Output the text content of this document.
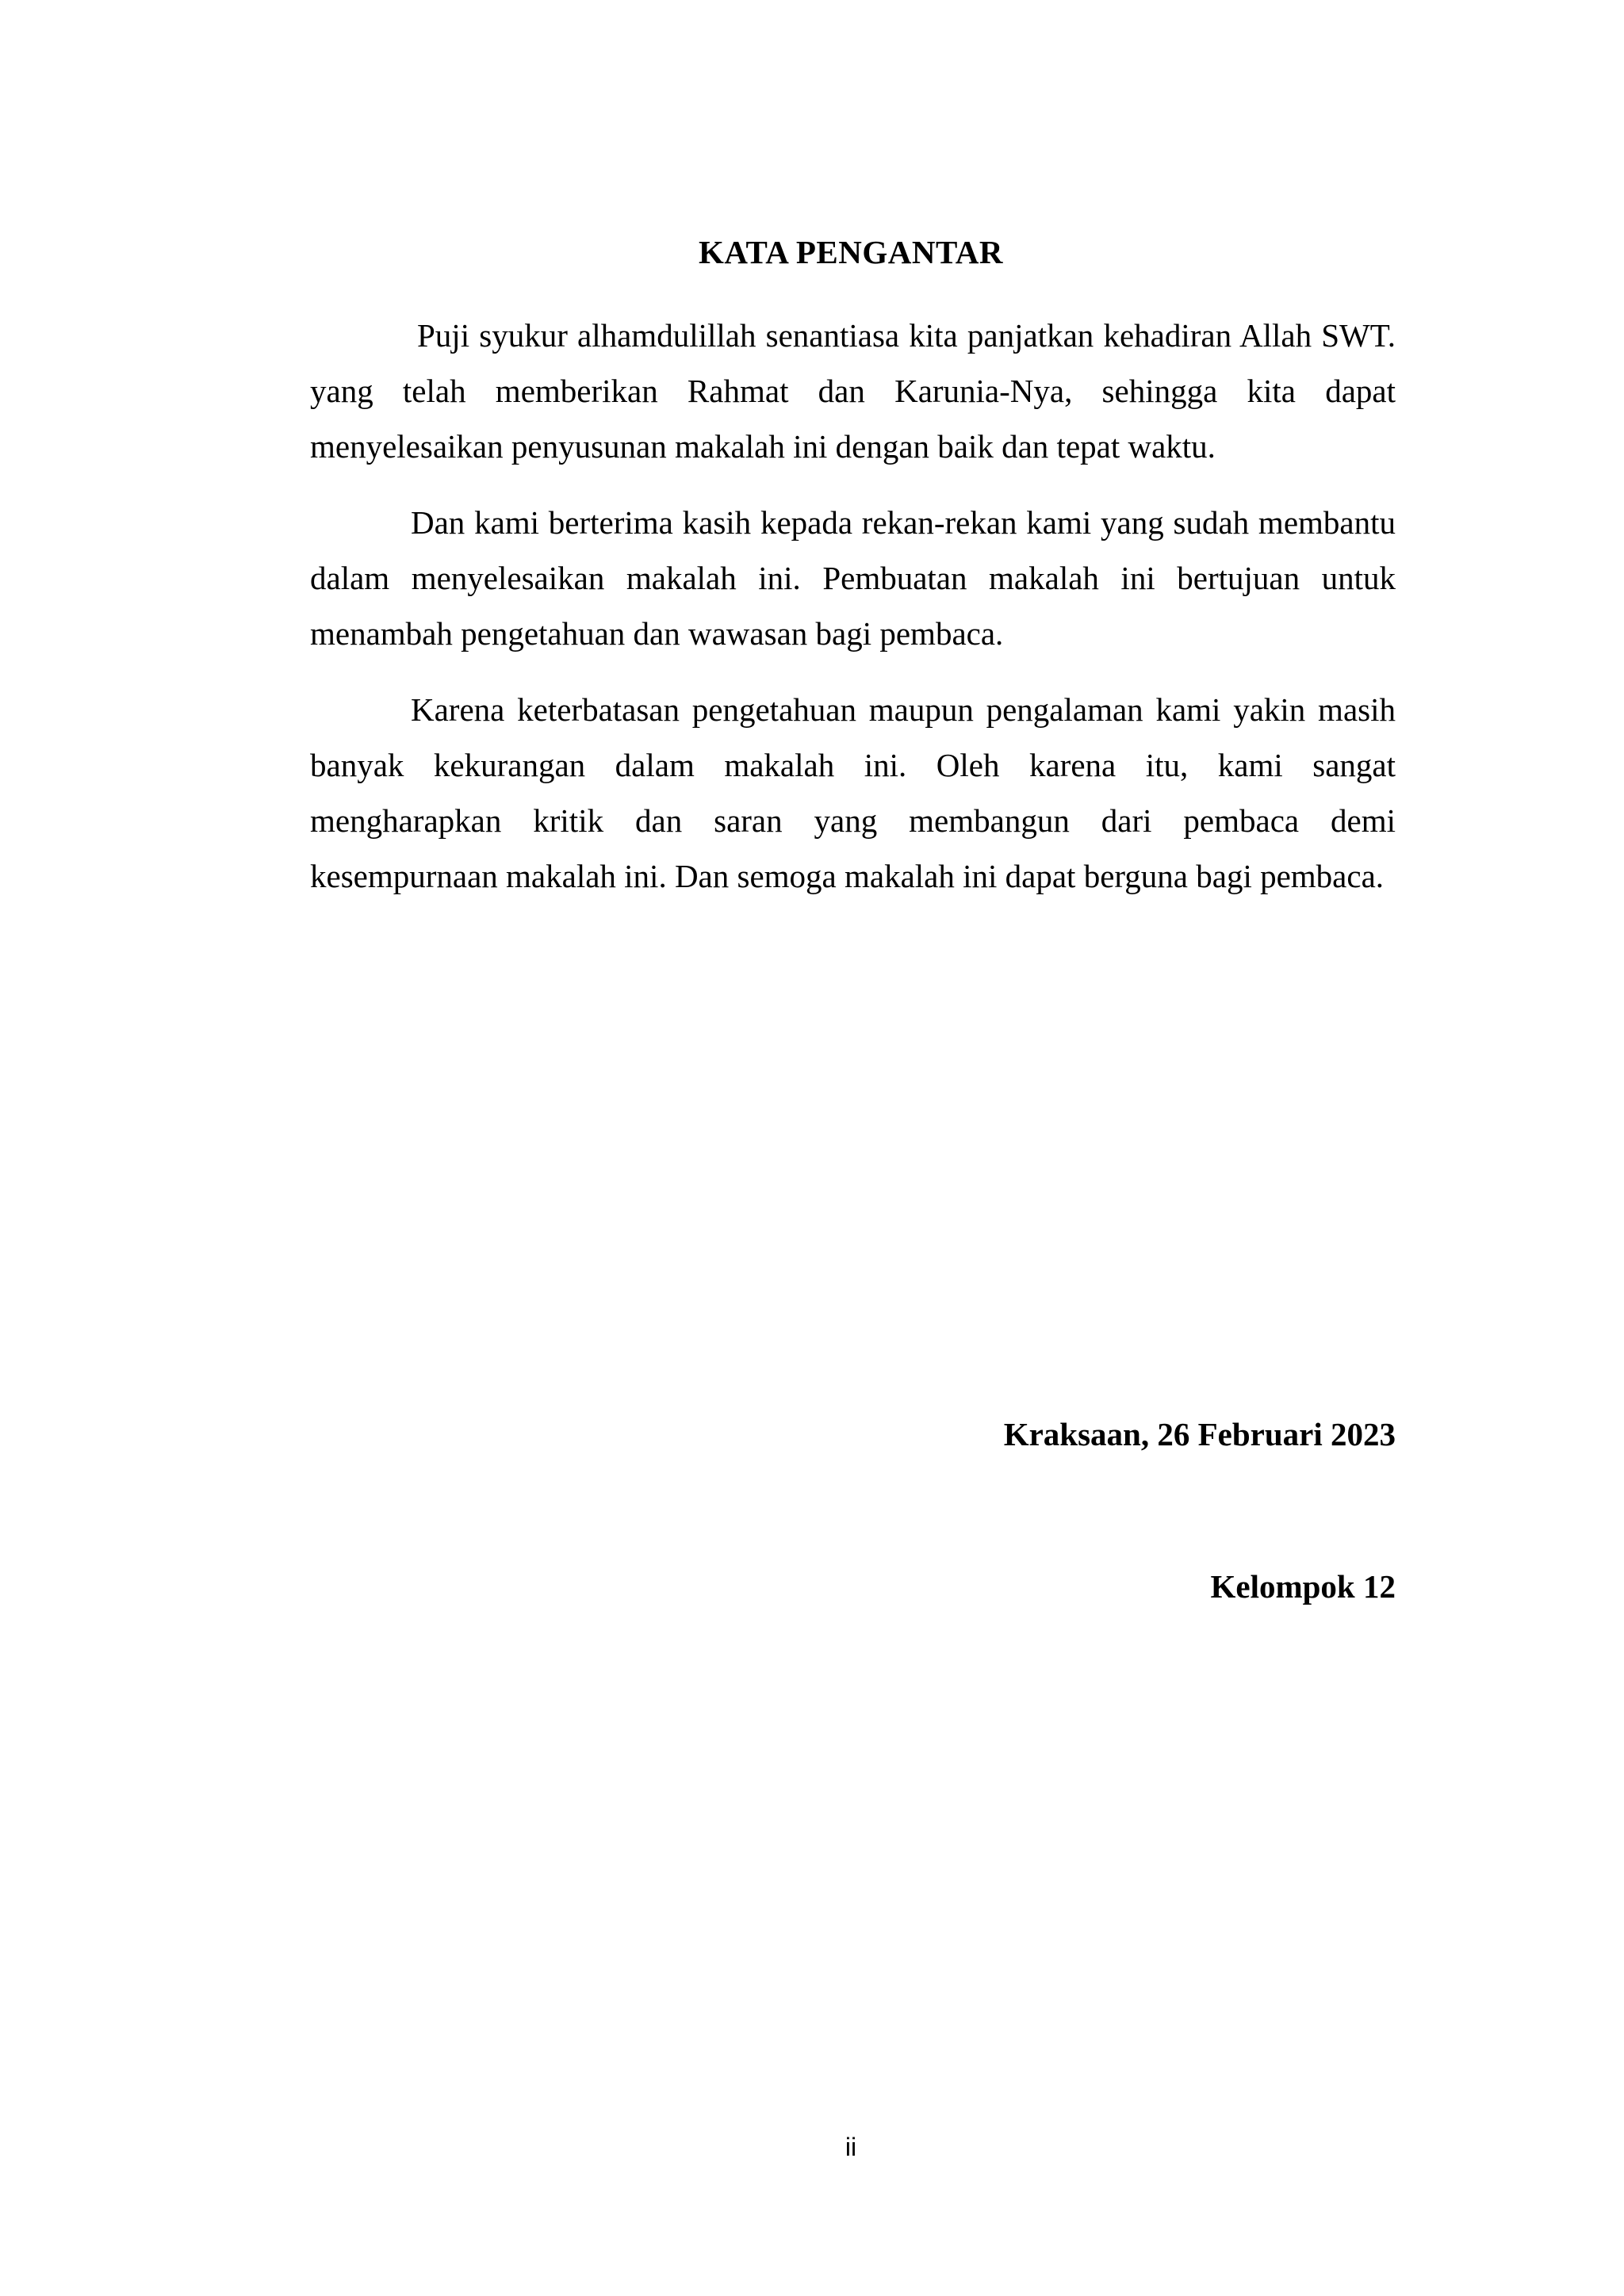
KATA PENGANTAR

Puji syukur alhamdulillah senantiasa kita panjatkan kehadiran Allah SWT. yang telah memberikan Rahmat dan Karunia-Nya, sehingga kita dapat menyelesaikan penyusunan makalah ini dengan baik dan tepat waktu.

Dan kami berterima kasih kepada rekan-rekan kami yang sudah membantu dalam menyelesaikan makalah ini. Pembuatan makalah ini bertujuan untuk menambah pengetahuan dan wawasan bagi pembaca.

Karena keterbatasan pengetahuan maupun pengalaman kami yakin masih banyak kekurangan dalam makalah ini. Oleh karena itu, kami sangat mengharapkan kritik dan saran yang membangun dari pembaca demi kesempurnaan makalah ini. Dan semoga makalah ini dapat berguna bagi pembaca.

Kraksaan, 26 Februari 2023
Kelompok 12
ii
